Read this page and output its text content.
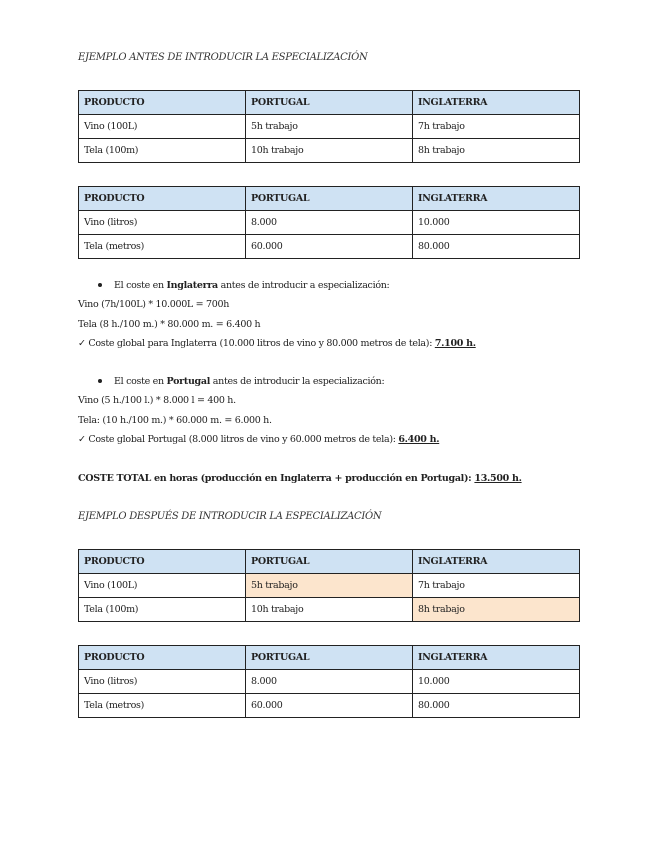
EJEMPLO ANTES DE INTRODUCIR LA ESPECIALIZACIÓN
PRODUCTO	PORTUGAL	INGLATERRA
Vino (100L)	5h trabajo	7h trabajo
Tela (100m)	10h trabajo	8h trabajo
PRODUCTO	PORTUGAL	INGLATERRA
Vino (litros)	8.000	10.000
Tela (metros)	60.000	80.000
El coste en Inglaterra antes de introducir a especialización:
Vino (7h/100L) * 10.000L = 700h
Tela (8 h./100 m.) * 80.000 m. = 6.400 h
✓ Coste global para Inglaterra (10.000 litros de vino y 80.000 metros de tela): 7.100 h.
El coste en Portugal antes de introducir la especialización:
Vino (5 h./100 l.) * 8.000 l = 400 h.
Tela: (10 h./100 m.) * 60.000 m. = 6.000 h.
✓ Coste global Portugal (8.000 litros de vino y 60.000 metros de tela): 6.400 h.
COSTE TOTAL en horas (producción en Inglaterra + producción en Portugal): 13.500 h.
EJEMPLO DESPUÉS DE INTRODUCIR LA ESPECIALIZACIÓN
PRODUCTO	PORTUGAL	INGLATERRA
Vino (100L)	5h trabajo	7h trabajo
Tela (100m)	10h trabajo	8h trabajo
PRODUCTO	PORTUGAL	INGLATERRA
Vino (litros)	8.000	10.000
Tela (metros)	60.000	80.000
